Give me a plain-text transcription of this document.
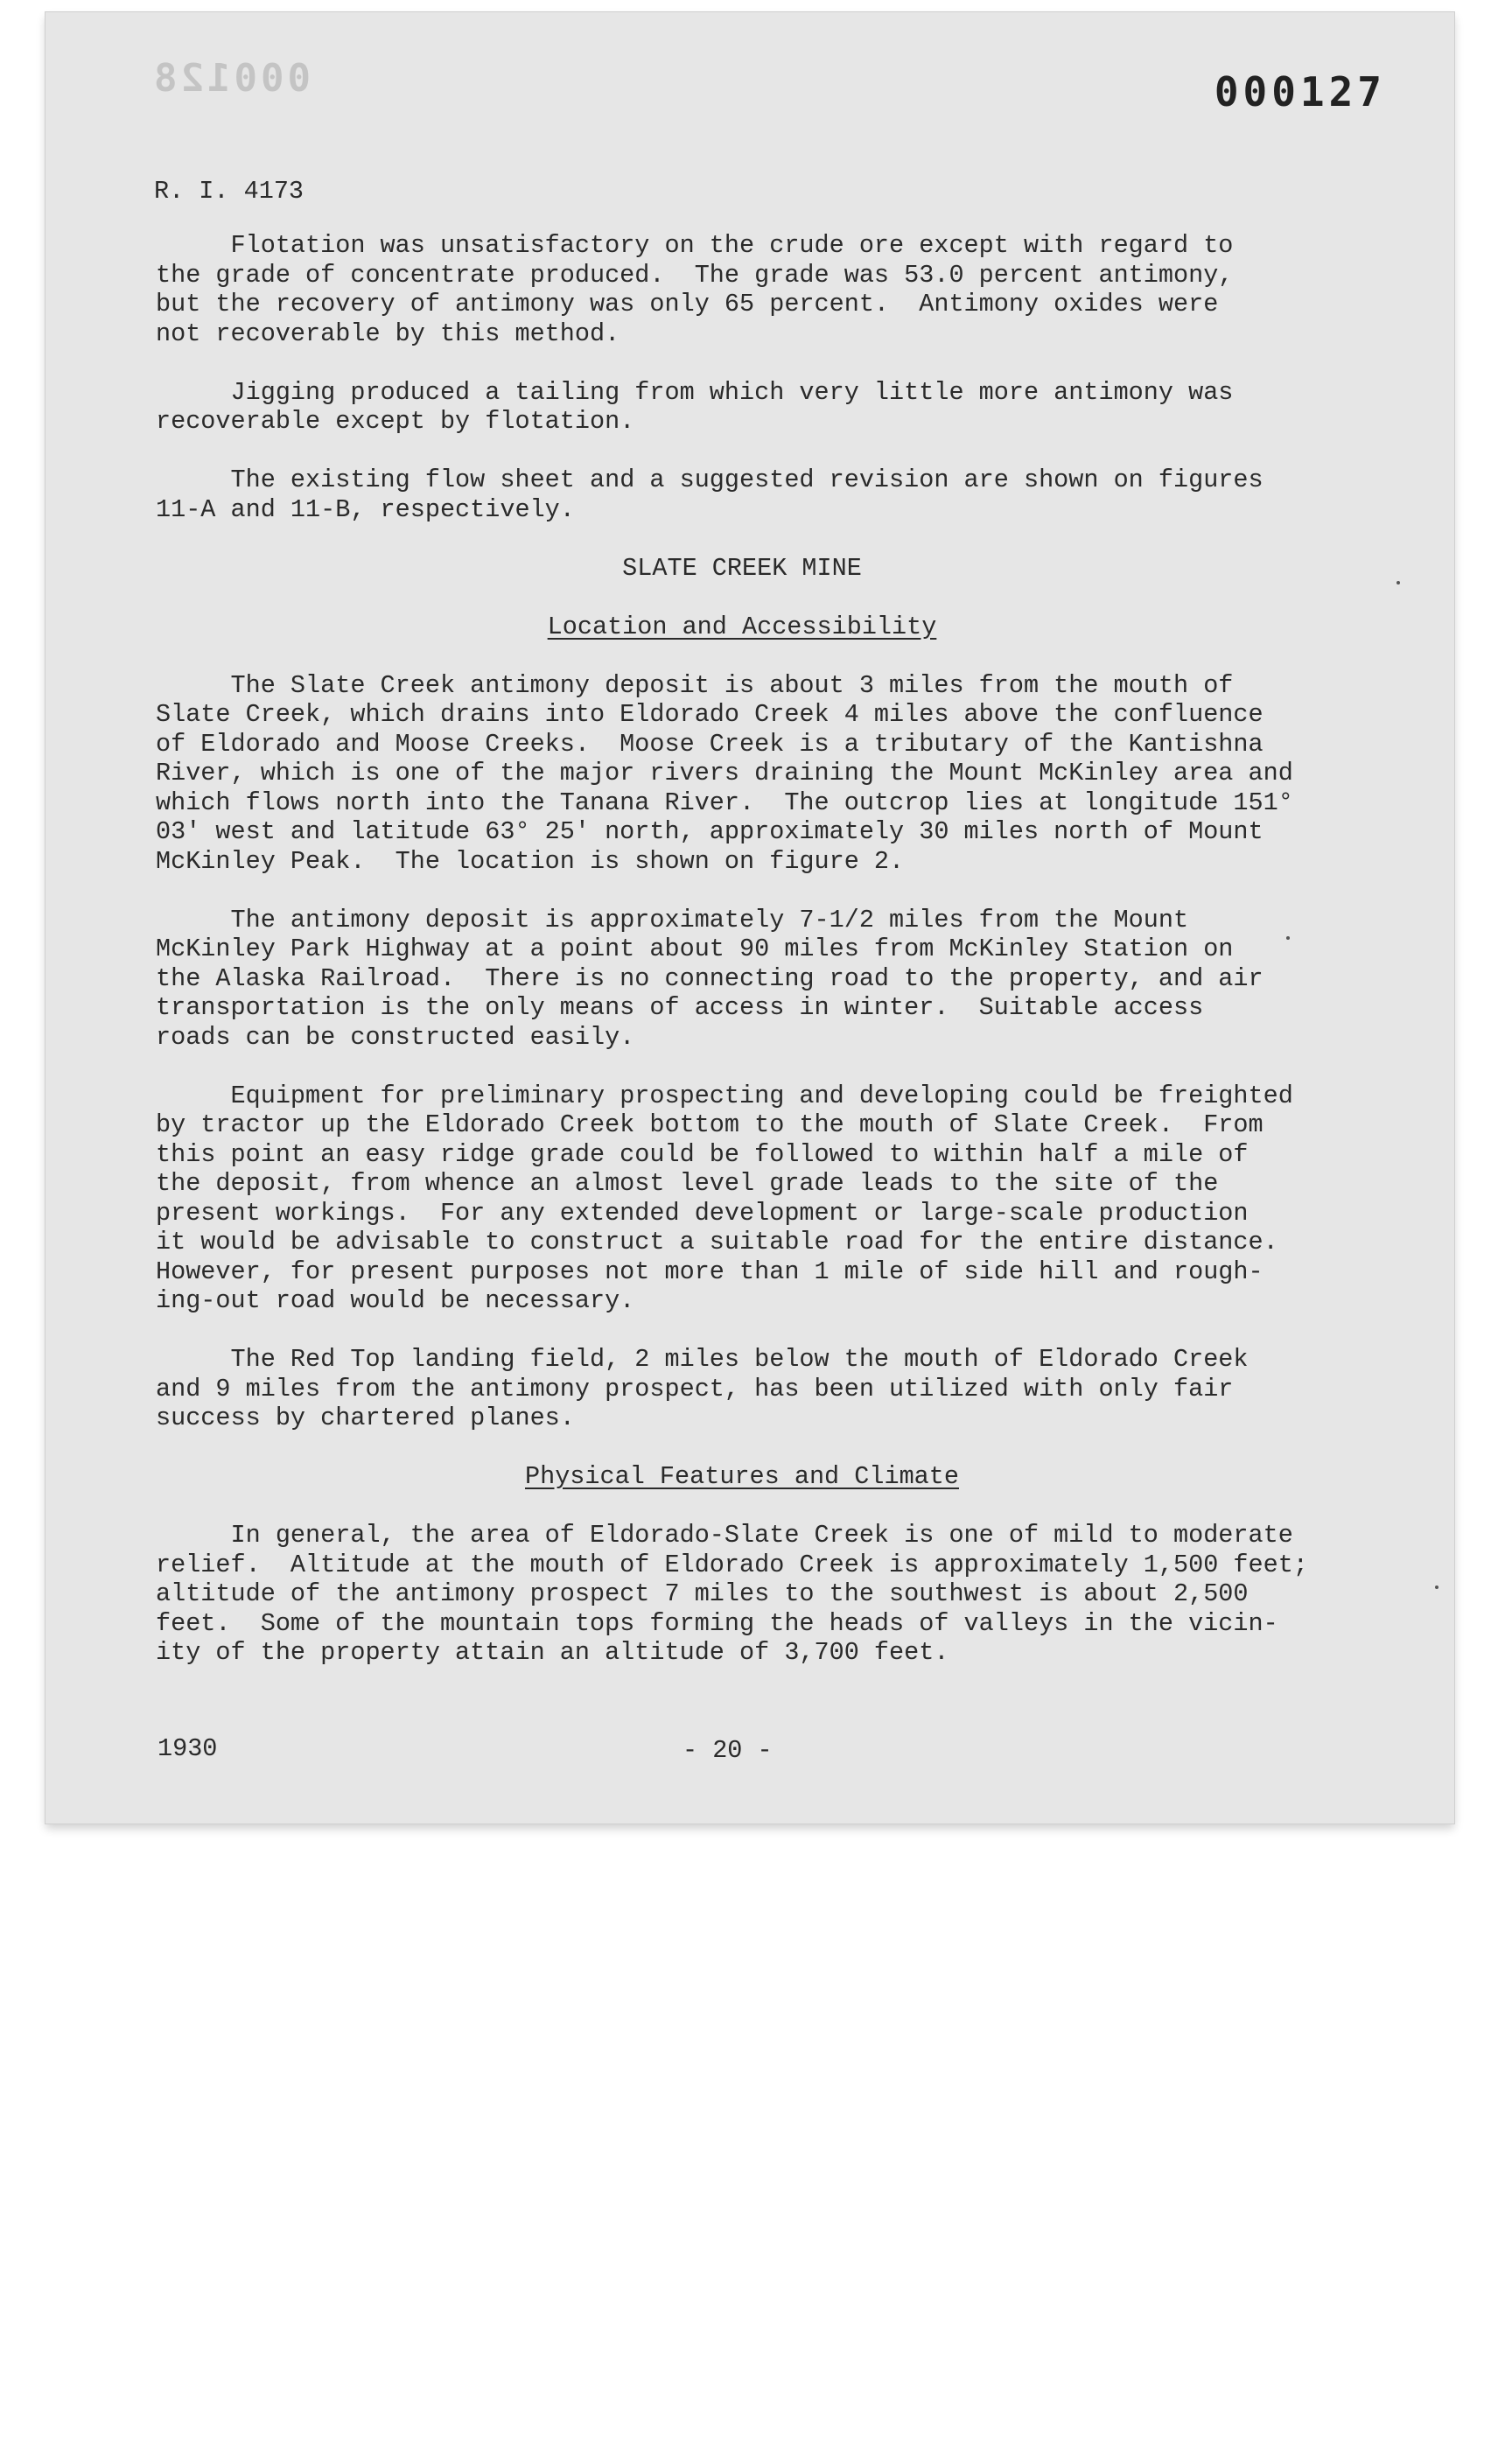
000128	000127
R. I. 4173

Flotation was unsatisfactory on the crude ore except with regard to
the grade of concentrate produced.  The grade was 53.0 percent antimony,
but the recovery of antimony was only 65 percent.  Antimony oxides were
not recoverable by this method.

Jigging produced a tailing from which very little more antimony was
recoverable except by flotation.

The existing flow sheet and a suggested revision are shown on figures
11-A and 11-B, respectively.

SLATE CREEK MINE
Location and Accessibility

The Slate Creek antimony deposit is about 3 miles from the mouth of
Slate Creek, which drains into Eldorado Creek 4 miles above the confluence
of Eldorado and Moose Creeks.  Moose Creek is a tributary of the Kantishna
River, which is one of the major rivers draining the Mount McKinley area and
which flows north into the Tanana River.  The outcrop lies at longitude 151°
03' west and latitude 63° 25' north, approximately 30 miles north of Mount
McKinley Peak.  The location is shown on figure 2.

The antimony deposit is approximately 7-1/2 miles from the Mount
McKinley Park Highway at a point about 90 miles from McKinley Station on
the Alaska Railroad.  There is no connecting road to the property, and air
transportation is the only means of access in winter.  Suitable access
roads can be constructed easily.

Equipment for preliminary prospecting and developing could be freighted
by tractor up the Eldorado Creek bottom to the mouth of Slate Creek.  From
this point an easy ridge grade could be followed to within half a mile of
the deposit, from whence an almost level grade leads to the site of the
present workings.  For any extended development or large-scale production
it would be advisable to construct a suitable road for the entire distance.
However, for present purposes not more than 1 mile of side hill and rough-
ing-out road would be necessary.

The Red Top landing field, 2 miles below the mouth of Eldorado Creek
and 9 miles from the antimony prospect, has been utilized with only fair
success by chartered planes.

Physical Features and Climate

In general, the area of Eldorado-Slate Creek is one of mild to moderate
relief.  Altitude at the mouth of Eldorado Creek is approximately 1,500 feet;
altitude of the antimony prospect 7 miles to the southwest is about 2,500
feet.  Some of the mountain tops forming the heads of valleys in the vicin-
ity of the property attain an altitude of 3,700 feet.

1930	- 20 -
